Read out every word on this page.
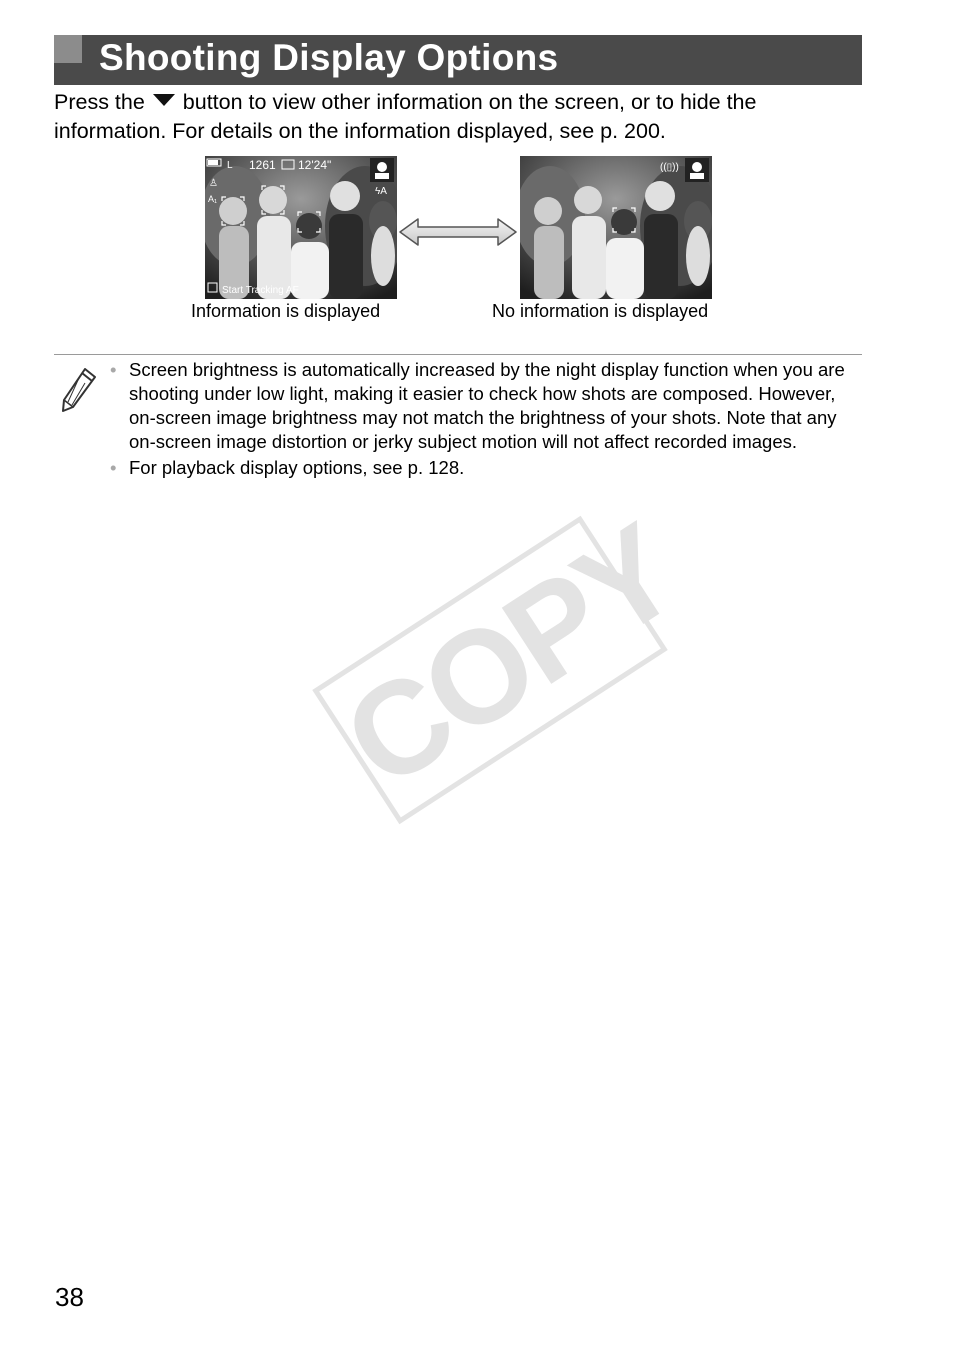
Shooting Display Options
Press the button to view other information on the screen, or to hide the information. For details on the information displayed, see p. 200.
L 1261 12'24"
ϟA
♙
A₁
Start Tracking AF
((▯))
Information is displayed	No information is displayed
• Screen brightness is automatically increased by the night display function when you are shooting under low light, making it easier to check how shots are composed. However, on-screen image brightness may not match the brightness of your shots. Note that any on-screen image distortion or jerky subject motion will not affect recorded images.
• For playback display options, see p. 128.
COPY
38
